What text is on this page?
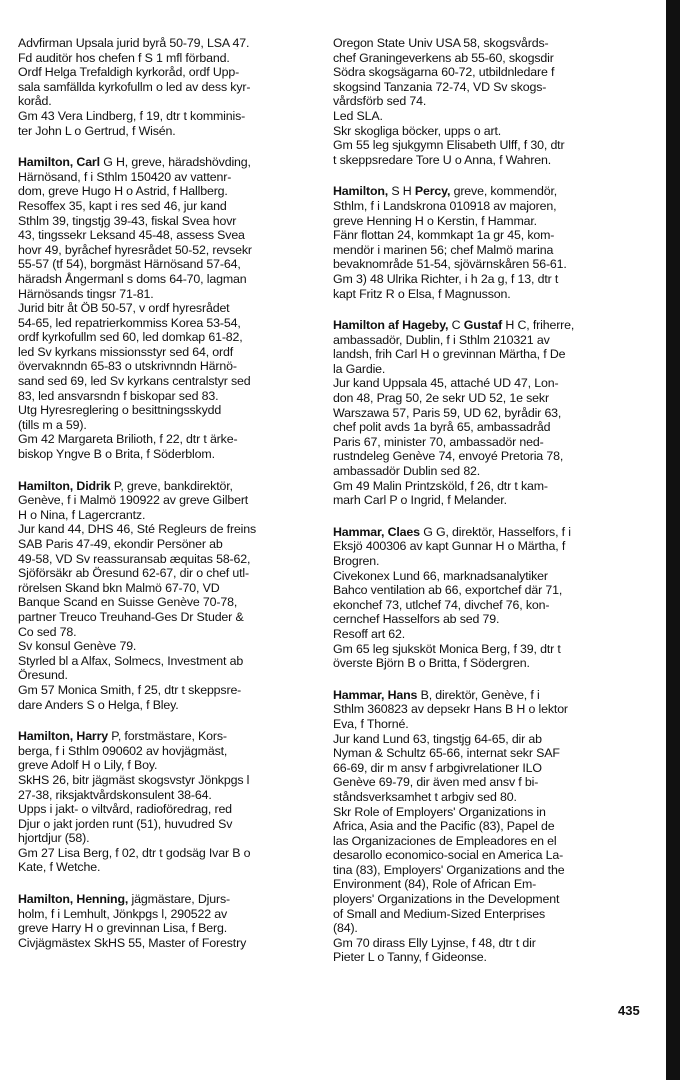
Advfirman Upsala jurid byrå 50-79, LSA 47.

Fd auditör hos chefen f S 1 mfl förband.

Ordf Helga Trefaldigh kyrkoråd, ordf Upp-

sala samfällda kyrkofullm o led av dess kyr-

koråd.

Gm 43 Vera Lindberg, f 19, dtr t komminis-

ter John L o Gertrud, f Wisén.

Hamilton, Carl G H, greve, häradshövding,

Härnösand, f i Sthlm 150420 av vattenr-

dom, greve Hugo H o Astrid, f Hallberg.

Resoffex 35, kapt i res sed 46, jur kand

Sthlm 39, tingstjg 39-43, fiskal Svea hovr

43, tingssekr Leksand 45-48, assess Svea

hovr 49, byråchef hyresrådet 50-52, revsekr

55-57 (tf 54), borgmäst Härnösand 57-64,

häradsh Ångermanl s doms 64-70, lagman

Härnösands tingsr 71-81.

Jurid bitr åt ÖB 50-57, v ordf hyresrådet

54-65, led repatrierkommiss Korea 53-54,

ordf kyrkofullm sed 60, led domkap 61-82,

led Sv kyrkans missionsstyr sed 64, ordf

övervaknndn 65-83 o utskrivnndn Härnö-

sand sed 69, led Sv kyrkans centralstyr sed

83, led ansvarsndn f biskopar sed 83.

Utg Hyresreglering o besittningsskydd

(tills m a 59).

Gm 42 Margareta Brilioth, f 22, dtr t ärke-

biskop Yngve B o Brita, f Söderblom.

Hamilton, Didrik P, greve, bankdirektör,

Genève, f i Malmö 190922 av greve Gilbert

H o Nina, f Lagercrantz.

Jur kand 44, DHS 46, Sté Regleurs de freins

SAB Paris 47-49, ekondir Persöner ab

49-58, VD Sv reassuransab æquitas 58-62,

Sjöförsäkr ab Öresund 62-67, dir o chef utl-

rörelsen Skand bkn Malmö 67-70, VD

Banque Scand en Suisse Genève 70-78,

partner Treuco Treuhand-Ges Dr Studer &

Co sed 78.

Sv konsul Genève 79.

Styrled bl a Alfax, Solmecs, Investment ab

Öresund.

Gm 57 Monica Smith, f 25, dtr t skeppsre-

dare Anders S o Helga, f Bley.

Hamilton, Harry P, forstmästare, Kors-

berga, f i Sthlm 090602 av hovjägmäst,

greve Adolf H o Lily, f Boy.

SkHS 26, bitr jägmäst skogsvstyr Jönkpgs l

27-38, riksjaktvårdskonsulent 38-64.

Upps i jakt- o viltvård, radioföredrag, red

Djur o jakt jorden runt (51), huvudred Sv

hjortdjur (58).

Gm 27 Lisa Berg, f 02, dtr t godsäg Ivar B o

Kate, f Wetche.

Hamilton, Henning, jägmästare, Djurs-

holm, f i Lemhult, Jönkpgs l, 290522 av

greve Harry H o grevinnan Lisa, f Berg.

Civjägmästex SkHS 55, Master of Forestry

Oregon State Univ USA 58, skogsvårds-

chef Graningeverkens ab 55-60, skogsdir

Södra skogsägarna 60-72, utbildnledare f

skogsind Tanzania 72-74, VD Sv skogs-

vårdsförb sed 74.

Led SLA.

Skr skogliga böcker, upps o art.

Gm 55 leg sjukgymn Elisabeth Ulff, f 30, dtr

t skeppsredare Tore U o Anna, f Wahren.

Hamilton, S H Percy, greve, kommendör,

Sthlm, f i Landskrona 010918 av majoren,

greve Henning H o Kerstin, f Hammar.

Fänr flottan 24, kommkapt 1a gr 45, kom-

mendör i marinen 56; chef Malmö marina

bevaknområde 51-54, sjövärnskåren 56-61.

Gm 3) 48 Ulrika Richter, i h 2a g, f 13, dtr t

kapt Fritz R o Elsa, f Magnusson.

Hamilton af Hageby, C Gustaf H C, friherre,

ambassadör, Dublin, f i Sthlm 210321 av

landsh, frih Carl H o grevinnan Märtha, f De

la Gardie.

Jur kand Uppsala 45, attaché UD 47, Lon-

don 48, Prag 50, 2e sekr UD 52, 1e sekr

Warszawa 57, Paris 59, UD 62, byrådir 63,

chef polit avds 1a byrå 65, ambassadråd

Paris 67, minister 70, ambassadör ned-

rustndeleg Genève 74, envoyé Pretoria 78,

ambassadör Dublin sed 82.

Gm 49 Malin Printzsköld, f 26, dtr t kam-

marh Carl P o Ingrid, f Melander.

Hammar, Claes G G, direktör, Hasselfors, f i

Eksjö 400306 av kapt Gunnar H o Märtha, f

Brogren.

Civekonex Lund 66, marknadsanalytiker

Bahco ventilation ab 66, exportchef där 71,

ekonchef 73, utlchef 74, divchef 76, kon-

cernchef Hasselfors ab sed 79.

Resoff art 62.

Gm 65 leg sjuksköt Monica Berg, f 39, dtr t

överste Björn B o Britta, f Södergren.

Hammar, Hans B, direktör, Genève, f i

Sthlm 360823 av depsekr Hans B H o lektor

Eva, f Thorné.

Jur kand Lund 63, tingstjg 64-65, dir ab

Nyman & Schultz 65-66, internat sekr SAF

66-69, dir m ansv f arbgivrelationer ILO

Genève 69-79, dir även med ansv f bi-

ståndsverksamhet t arbgiv sed 80.

Skr Role of Employers' Organizations in

Africa, Asia and the Pacific (83), Papel de

las Organizaciones de Empleadores en el

desarollo economico-social en America La-

tina (83), Employers' Organizations and the

Environment (84), Role of African Em-

ployers' Organizations in the Development

of Small and Medium-Sized Enterprises

(84).

Gm 70 dirass Elly Lyjnse, f 48, dtr t dir

Pieter L o Tanny, f Gideonse.

435
